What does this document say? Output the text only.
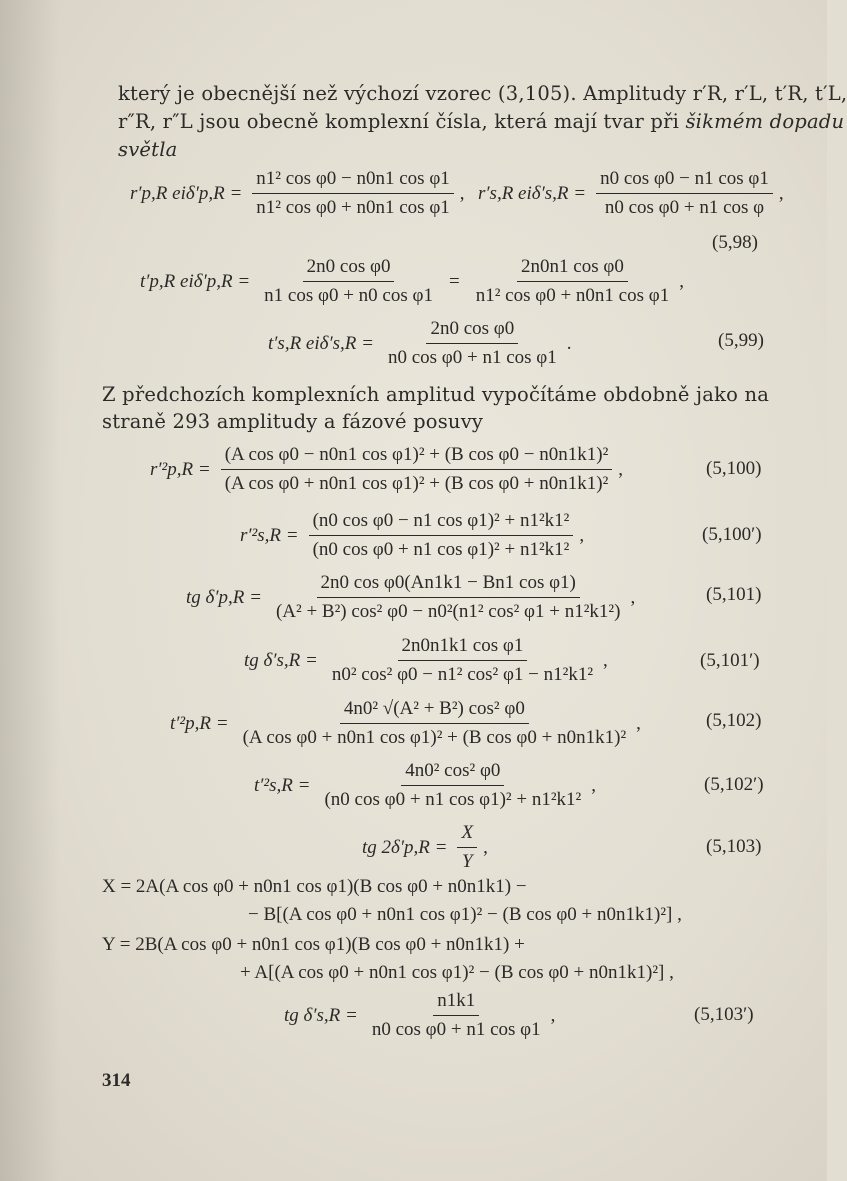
který je obecnější než výchozí vzorec (3,105). Amplitudy r′R, r′L, t′R, t′L,
r″R, r″L jsou obecně komplexní čísla, která mají tvar při šikmém dopadu
světla
r′p,R $ei\delta'p,R = \frac{\text{n1² cos φ0 − n0n1 cos φ1}}{\text{n1² cos φ0 + n0n1 cos φ1}}$ , r′s,R $ei\delta's,R = \frac{\text{n0 cos φ0 − n1 cos φ1}}{\text{n0 cos φ0 + n1 cos φ}}$ ,
(5,98)
t′p,R $ei\delta'p,R = \frac{\text{2n0 cos φ0}}{\text{n1 cos φ0 + n0 cos φ1}} = \frac{\text{2n0n1 cos φ0}}{\text{n1² cos φ0 + n0n1 cos φ1}}$ ,
t′s,R $ei\delta's,R = \frac{\text{2n0 cos φ0}}{\text{n0 cos φ0 + n1 cos φ1}}$ .	(5,99)
Z předchozích komplexních amplitud vypočítáme obdobně jako na
straně 293 amplitudy a fázové posuvy
$r'^2p,R = \frac{\text{(A cos φ0 − n0n1 cos φ1)² + (B cos φ0 − n0n1k1)²}}{\text{(A cos φ0 + n0n1 cos φ1)² + (B cos φ0 + n0n1k1)²}}$ ,	(5,100)
$r'^2s,R = \frac{\text{(n0 cos φ0 − n1 cos φ1)² + n1²k1²}}{\text{(n0 cos φ0 + n1 cos φ1)² + n1²k1²}}$ ,	(5,100′)
tg $\delta'p,R = \frac{\text{2n0 cos φ0(An1k1 − Bn1 cos φ1)}}{\text{(A² + B²) cos² φ0 − n0²(n1² cos² φ1 + n1²k1²)}}$ ,	(5,101)
tg $\delta's,R = \frac{\text{2n0n1k1 cos φ1}}{\text{n0² cos² φ0 − n1² cos² φ1 − n1²k1²}}$ ,	(5,101′)
$t'^2p,R = \frac{\text{4n0² √(A² + B²) cos² φ0}}{\text{(A cos φ0 + n0n1 cos φ1)² + (B cos φ0 + n0n1k1)²}}$ ,	(5,102)
$t'^2s,R = \frac{\text{4n0² cos² φ0}}{\text{(n0 cos φ0 + n1 cos φ1)² + n1²k1²}}$ ,	(5,102′)
tg $2\delta'p,R = \frac{X}{Y}$ ,	(5,103)
X = 2A(A cos φ0 + n0n1 cos φ1)(B cos φ0 + n0n1k1) −
− B[(A cos φ0 + n0n1 cos φ1)² − (B cos φ0 + n0n1k1)²] ,
Y = 2B(A cos φ0 + n0n1 cos φ1)(B cos φ0 + n0n1k1) +
+ A[(A cos φ0 + n0n1 cos φ1)² − (B cos φ0 + n0n1k1)²] ,
tg $\delta's,R = \frac{n1k1}{\text{n0 cos φ0 + n1 cos φ1}}$ ,	(5,103′)
314
